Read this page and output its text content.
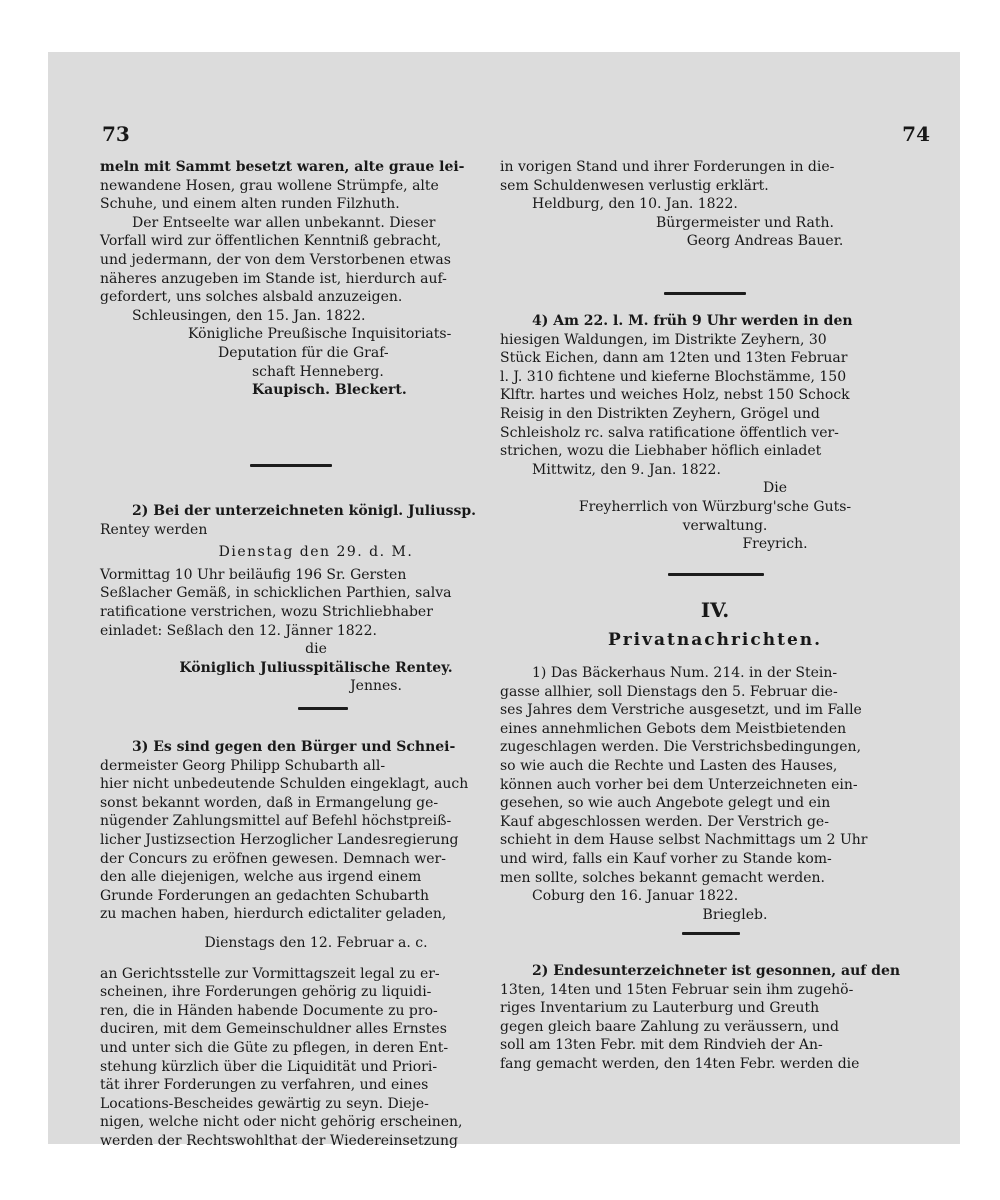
73

meln mit Sammt besetzt waren, alte graue lei-

newandene Hosen, grau wollene Strümpfe, alte

Schuhe, und einem alten runden Filzhuth.

Der Entseelte war allen unbekannt. Dieser

Vorfall wird zur öffentlichen Kenntniß gebracht,

und jedermann, der von dem Verstorbenen etwas

näheres anzugeben im Stande ist, hierdurch auf-

gefordert, uns solches alsbald anzuzeigen.

Schleusingen, den 15. Jan. 1822.

Königliche Preußische Inquisitoriats-

Deputation für die Graf-

schaft Henneberg.

Kaupisch. Bleckert.

2) Bei der unterzeichneten königl. Juliussp.

Rentey werden

Dienstag den 29. d. M.

Vormittag 10 Uhr beiläufig 196 Sr. Gersten

Seßlacher Gemäß, in schicklichen Parthien, salva

ratificatione verstrichen, wozu Strichliebhaber

einladet: Seßlach den 12. Jänner 1822.

die

Königlich Juliusspitälische Rentey.

Jennes.

3) Es sind gegen den Bürger und Schnei-

dermeister Georg Philipp Schubarth all-

hier nicht unbedeutende Schulden eingeklagt, auch

sonst bekannt worden, daß in Ermangelung ge-

nügender Zahlungsmittel auf Befehl höchstpreiß-

licher Justizsection Herzoglicher Landesregierung

der Concurs zu eröfnen gewesen. Demnach wer-

den alle diejenigen, welche aus irgend einem

Grunde Forderungen an gedachten Schubarth

zu machen haben, hierdurch edictaliter geladen,

Dienstags den 12. Februar a. c.

an Gerichtsstelle zur Vormittagszeit legal zu er-

scheinen, ihre Forderungen gehörig zu liquidi-

ren, die in Händen habende Documente zu pro-

duciren, mit dem Gemeinschuldner alles Ernstes

und unter sich die Güte zu pflegen, in deren Ent-

stehung kürzlich über die Liquidität und Priori-

tät ihrer Forderungen zu verfahren, und eines

Locations-Bescheides gewärtig zu seyn. Dieje-

nigen, welche nicht oder nicht gehörig erscheinen,

werden der Rechtswohlthat der Wiedereinsetzung

74

in vorigen Stand und ihrer Forderungen in die-

sem Schuldenwesen verlustig erklärt.

Heldburg, den 10. Jan. 1822.

Bürgermeister und Rath.

Georg Andreas Bauer.

4) Am 22. l. M. früh 9 Uhr werden in den

hiesigen Waldungen, im Distrikte Zeyhern, 30

Stück Eichen, dann am 12ten und 13ten Februar

l. J. 310 fichtene und kieferne Blochstämme, 150

Klftr. hartes und weiches Holz, nebst 150 Schock

Reisig in den Distrikten Zeyhern, Grögel und

Schleisholz rc. salva ratificatione öffentlich ver-

strichen, wozu die Liebhaber höflich einladet

Mittwitz, den 9. Jan. 1822.

Die

Freyherrlich von Würzburg'sche Guts-

verwaltung.

Freyrich.

IV.
Privatnachrichten.

1) Das Bäckerhaus Num. 214. in der Stein-

gasse allhier, soll Dienstags den 5. Februar die-

ses Jahres dem Verstriche ausgesetzt, und im Falle

eines annehmlichen Gebots dem Meistbietenden

zugeschlagen werden. Die Verstrichsbedingungen,

so wie auch die Rechte und Lasten des Hauses,

können auch vorher bei dem Unterzeichneten ein-

gesehen, so wie auch Angebote gelegt und ein

Kauf abgeschlossen werden. Der Verstrich ge-

schieht in dem Hause selbst Nachmittags um 2 Uhr

und wird, falls ein Kauf vorher zu Stande kom-

men sollte, solches bekannt gemacht werden.

Coburg den 16. Januar 1822.

Briegleb.

2) Endesunterzeichneter ist gesonnen, auf den

13ten, 14ten und 15ten Februar sein ihm zugehö-

riges Inventarium zu Lauterburg und Greuth

gegen gleich baare Zahlung zu veräussern, und

soll am 13ten Febr. mit dem Rindvieh der An-

fang gemacht werden, den 14ten Febr. werden die
